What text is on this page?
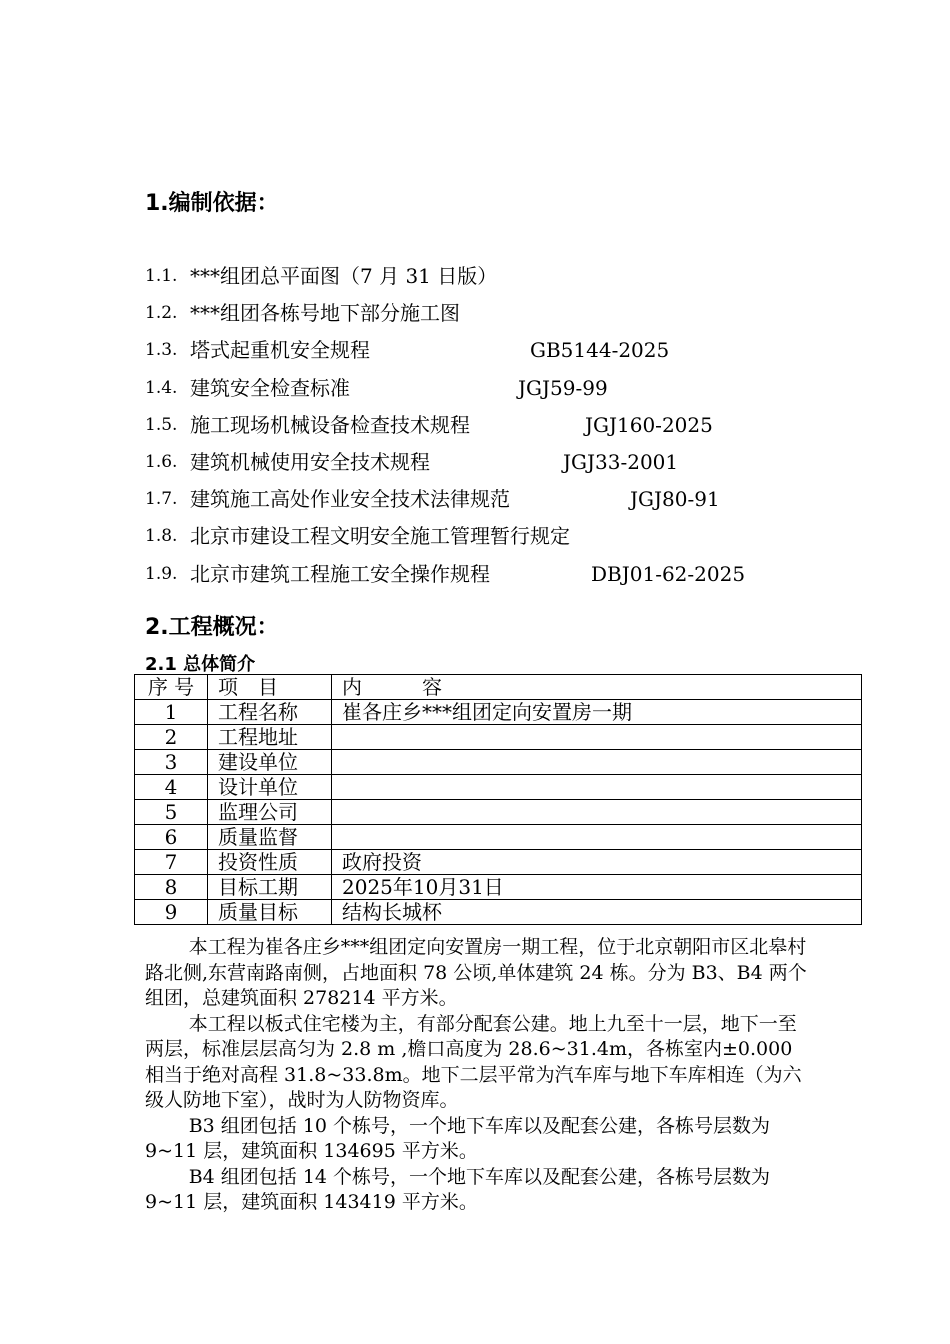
1.编制依据：
1.1. ***组团总平面图（7 月 31 日版）
1.2. ***组团各栋号地下部分施工图
1.3. 塔式起重机安全规程	GB5144-2025
1.4. 建筑安全检查标准	JGJ59-99
1.5. 施工现场机械设备检查技术规程	JGJ160-2025
1.6. 建筑机械使用安全技术规程	JGJ33-2001
1.7. 建筑施工高处作业安全技术法律规范	JGJ80-91
1.8. 北京市建设工程文明安全施工管理暂行规定
1.9. 北京市建筑工程施工安全操作规程	DBJ01-62-2025
2.工程概况：
2.1 总体简介
序 号	项　目	内　　　容
1	工程名称	崔各庄乡***组团定向安置房一期
2	工程地址	
3	建设单位	
4	设计单位	
5	监理公司	
6	质量监督	
7	投资性质	政府投资
8	目标工期	2025年10月31日
9	质量目标	结构长城杯

本工程为崔各庄乡***组团定向安置房一期工程，位于北京朝阳市区北皋村路北侧,东营南路南侧，占地面积 78 公顷,单体建筑 24 栋。分为 B3、B4 两个组团，总建筑面积 278214 平方米。

本工程以板式住宅楼为主，有部分配套公建。地上九至十一层，地下一至两层，标准层层高匀为 2.8 m ,檐口高度为 28.6~31.4m，各栋室内±0.000 相当于绝对高程 31.8~33.8m。地下二层平常为汽车库与地下车库相连（为六级人防地下室），战时为人防物资库。

B3 组团包括 10 个栋号，一个地下车库以及配套公建，各栋号层数为 9~11 层，建筑面积 134695 平方米。

B4 组团包括 14 个栋号，一个地下车库以及配套公建，各栋号层数为 9~11 层，建筑面积 143419 平方米。
